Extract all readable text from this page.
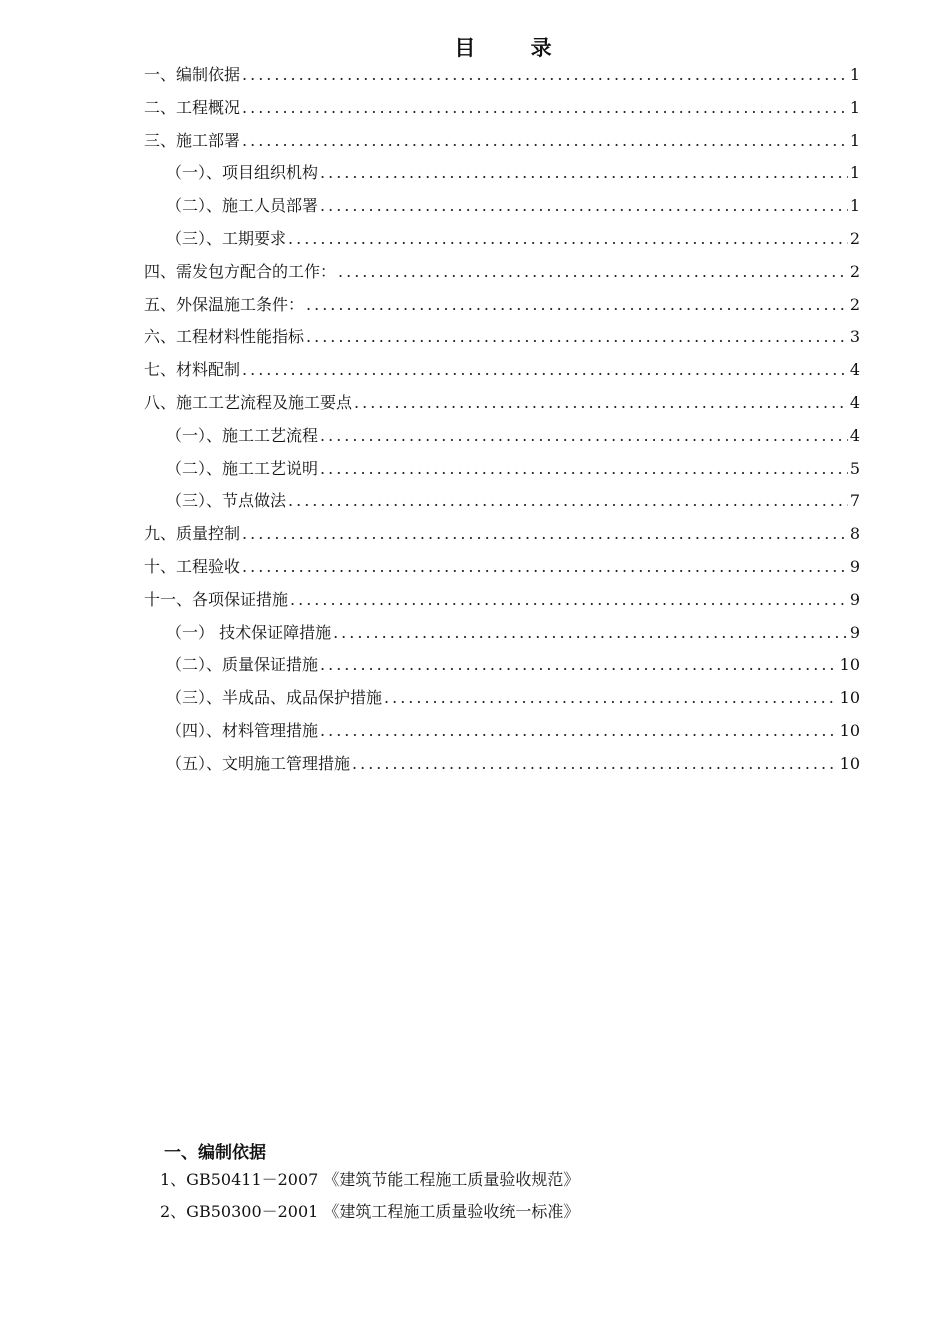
目 录
一、编制依据 .....	1
二、工程概况 .....	1
三、施工部署 .....	1
（一）、项目组织机构 .....	1
（二）、施工人员部署 .....	1
（三）、工期要求 .....	2
四、需发包方配合的工作： .....	2
五、外保温施工条件： .....	2
六、工程材料性能指标 .....	3
七、材料配制 .....	4
八、施工工艺流程及施工要点 .....	4
（一）、施工工艺流程 .....	4
（二）、施工工艺说明 .....	5
（三）、节点做法 .....	7
九、质量控制 .....	8
十、工程验收 .....	9
十一、各项保证措施 .....	9
（一） 技术保证障措施 .....	9
（二）、质量保证措施 .....	10
（三）、半成品、成品保护措施 .....	10
（四）、材料管理措施 .....	10
（五）、文明施工管理措施 .....	10
一、编制依据
1、GB50411－2007 《建筑节能工程施工质量验收规范》
2、GB50300－2001 《建筑工程施工质量验收统一标准》
